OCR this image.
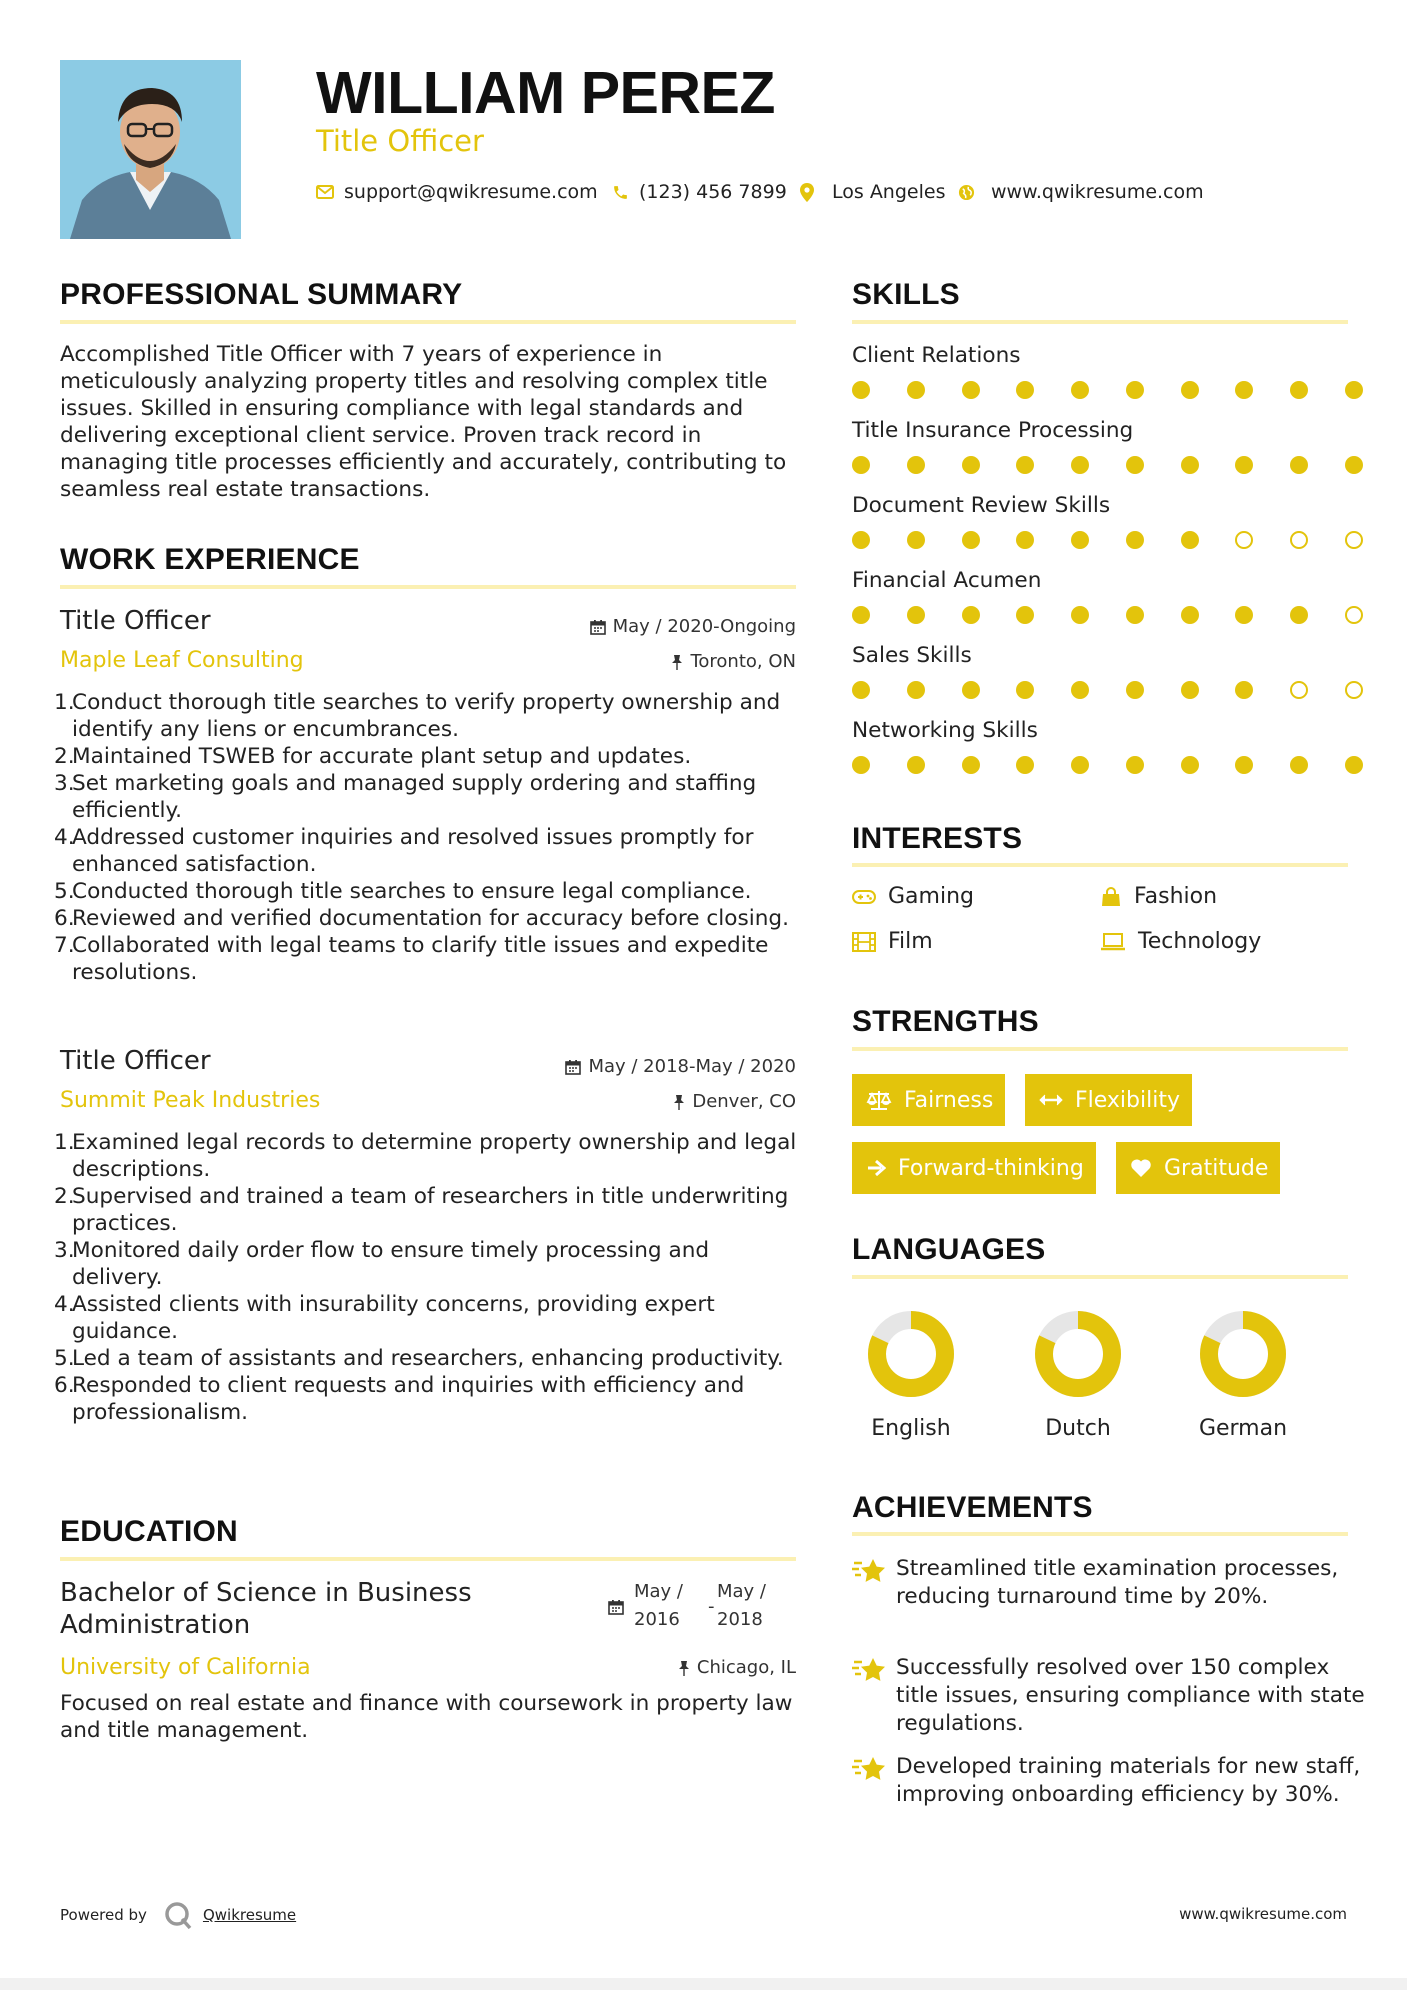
WILLIAM PEREZ
Title Officer
support@qwikresume.com (123) 456 7899 Los Angeles www.qwikresume.com
PROFESSIONAL SUMMARY
Accomplished Title Officer with 7 years of experience in meticulously analyzing property titles and resolving complex title issues. Skilled in ensuring compliance with legal standards and delivering exceptional client service. Proven track record in managing title processes efficiently and accurately, contributing to seamless real estate transactions.
WORK EXPERIENCE
Title Officer	May / 2020-Ongoing
Maple Leaf Consulting	Toronto, ON
1.
Conduct thorough title searches to verify property ownership and identify any liens or encumbrances.
2.
Maintained TSWEB for accurate plant setup and updates.
3.
Set marketing goals and managed supply ordering and staffing efficiently.
4.
Addressed customer inquiries and resolved issues promptly for enhanced satisfaction.
5.
Conducted thorough title searches to ensure legal compliance.
6.
Reviewed and verified documentation for accuracy before closing.
7.
Collaborated with legal teams to clarify title issues and expedite resolutions.
Title Officer	May / 2018-May / 2020
Summit Peak Industries	Denver, CO
1.
Examined legal records to determine property ownership and legal descriptions.
2.
Supervised and trained a team of researchers in title underwriting practices.
3.
Monitored daily order flow to ensure timely processing and delivery.
4.
Assisted clients with insurability concerns, providing expert guidance.
5.
Led a team of assistants and researchers, enhancing productivity.
6.
Responded to client requests and inquiries with efficiency and professionalism.
EDUCATION
Bachelor of Science in Business Administration
May /
2016
-
May /
2018
University of California	Chicago, IL
Focused on real estate and finance with coursework in property law and title management.
SKILLS
Client Relations
Title Insurance Processing
Document Review Skills
Financial Acumen
Sales Skills
Networking Skills
INTERESTS
Gaming	Fashion
Film	Technology
STRENGTHS
Fairness	Flexibility
Forward-thinking	Gratitude
LANGUAGES
English	Dutch	German
ACHIEVEMENTS
Streamlined title examination processes, reducing turnaround time by 20%.
Successfully resolved over 150 complex title issues, ensuring compliance with state regulations.
Developed training materials for new staff, improving onboarding efficiency by 30%.
Powered by	Qwikresume	www.qwikresume.com
